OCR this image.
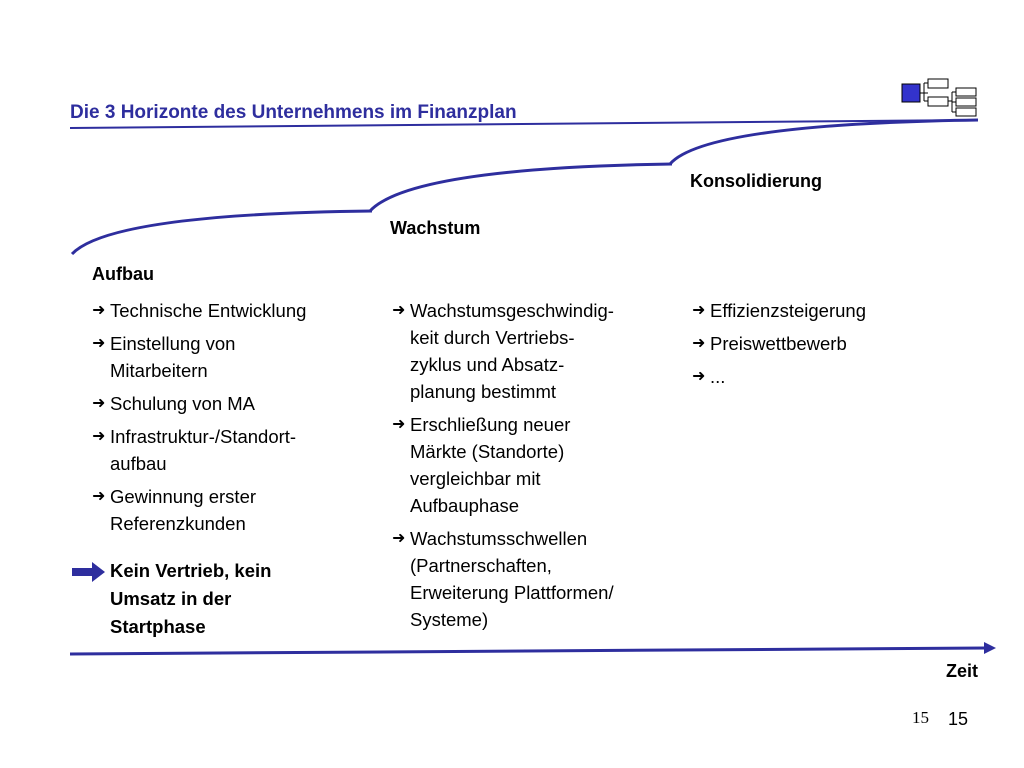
Die 3 Horizonte des Unternehmens im Finanzplan
Aufbau
Wachstum
Konsolidierung
➜ Technische Entwicklung
➜ Einstellung von
Mitarbeitern
➜ Schulung von MA
➜ Infrastruktur-/Standort-
aufbau
➜ Gewinnung erster
Referenzkunden
➜ Wachstumsgeschwindig-
keit durch Vertriebs-
zyklus und Absatz-
planung bestimmt
➜ Erschließung neuer
Märkte (Standorte)
vergleichbar mit
Aufbauphase
➜ Wachstumsschwellen
(Partnerschaften,
Erweiterung Plattformen/
Systeme)
➜ Effizienzsteigerung
➜ Preiswettbewerb
➜ ...
Kein Vertrieb, kein
Umsatz in der
Startphase
Zeit
15 15
